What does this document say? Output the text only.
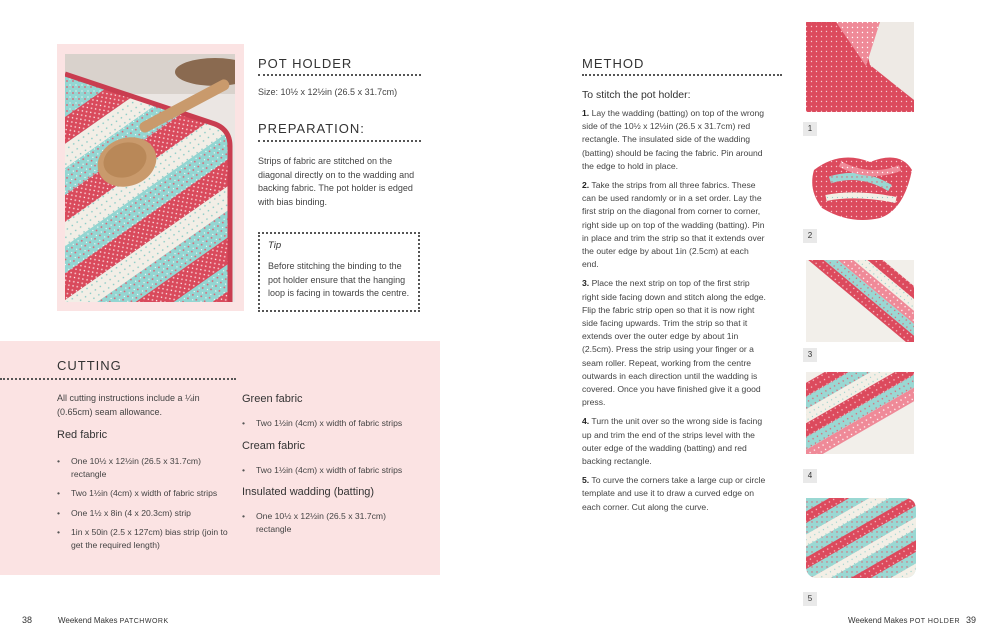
POT HOLDER
Size: 10½ x 12½in (26.5 x 31.7cm)
PREPARATION:
Strips of fabric are stitched on the diagonal directly on to the wadding and backing fabric. The pot holder is edged with bias binding.
Tip
Before stitching the binding to the pot holder ensure that the hanging loop is facing in towards the centre.
CUTTING
All cutting instructions include a ¼in (0.65cm) seam allowance.
Red fabric
• One 10½ x 12½in (26.5 x 31.7cm) rectangle
• Two 1½in (4cm) x width of fabric strips
• One 1½ x 8in (4 x 20.3cm) strip
• 1in x 50in (2.5 x 127cm) bias strip (join to get the required length)
Green fabric
• Two 1½in (4cm) x width of fabric strips
Cream fabric
• Two 1½in (4cm) x width of fabric strips
Insulated wadding (batting)
• One 10½ x 12½in (26.5 x 31.7cm) rectangle
METHOD
To stitch the pot holder:

1. Lay the wadding (batting) on top of the wrong side of the 10½ x 12½in (26.5 x 31.7cm) red rectangle. The insulated side of the wadding (batting) should be facing the fabric. Pin around the edge to hold in place.

2. Take the strips from all three fabrics. These can be used randomly or in a set order. Lay the first strip on the diagonal from corner to corner, right side up on top of the wadding (batting). Pin in place and trim the strip so that it extends over the outer edge by about 1in (2.5cm) at each end.

3. Place the next strip on top of the first strip right side facing down and stitch along the edge. Flip the fabric strip open so that it is now right side facing upwards. Trim the strip so that it extends over the outer edge by about 1in (2.5cm). Press the strip using your finger or a seam roller. Repeat, working from the centre outwards in each direction until the wadding is covered. Once you have finished give it a good press.

4. Turn the unit over so the wrong side is facing up and trim the end of the strips level with the outer edge of the wadding (batting) and red backing rectangle.

5. To curve the corners take a large cup or circle template and use it to draw a curved edge on each corner. Cut along the curve.

1
2
3
4
5
38	Weekend Makes PATCHWORK	Weekend Makes POT HOLDER 39
